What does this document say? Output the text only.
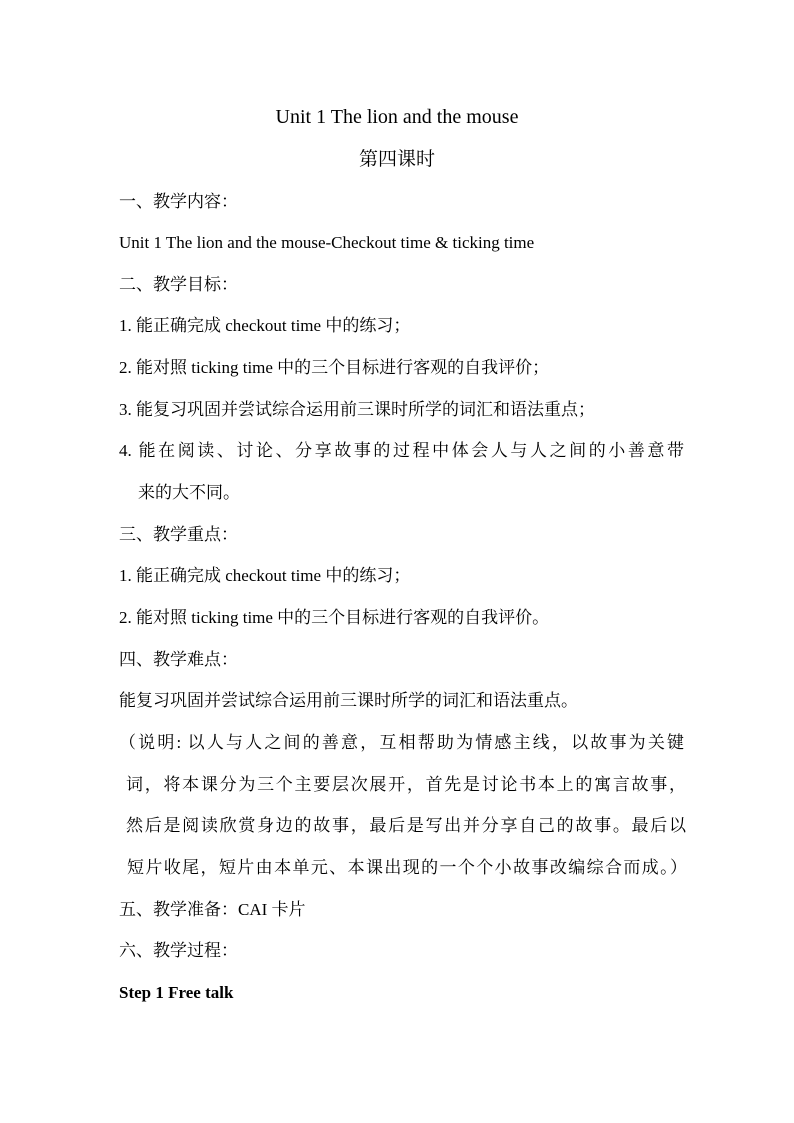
Unit 1 The lion and the mouse
第四课时
一、教学内容：
Unit 1 The lion and the mouse-Checkout time & ticking time
二、教学目标：
1. 能正确完成 checkout time 中的练习；
2. 能对照 ticking time 中的三个目标进行客观的自我评价；
3. 能复习巩固并尝试综合运用前三课时所学的词汇和语法重点；
4. 能在阅读、讨论、分享故事的过程中体会人与人之间的小善意带
来的大不同。
三、教学重点：
1. 能正确完成 checkout time 中的练习；
2. 能对照 ticking time 中的三个目标进行客观的自我评价。
四、教学难点：
能复习巩固并尝试综合运用前三课时所学的词汇和语法重点。
（说明: 以人与人之间的善意，互相帮助为情感主线，以故事为关键
词，将本课分为三个主要层次展开，首先是讨论书本上的寓言故事，
然后是阅读欣赏身边的故事，最后是写出并分享自己的故事。最后以
短片收尾，短片由本单元、本课出现的一个个小故事改编综合而成。）
五、教学准备：CAI 卡片
六、教学过程：
Step 1 Free talk
